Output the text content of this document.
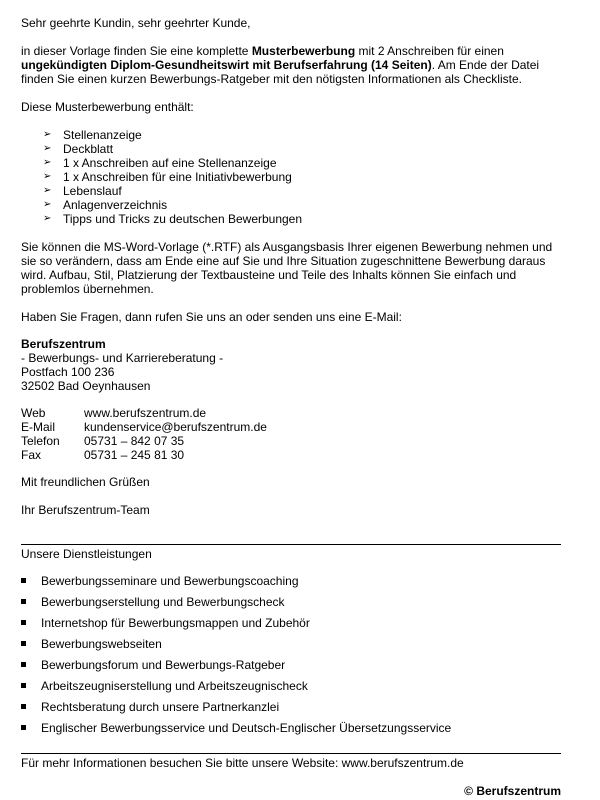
Sehr geehrte Kundin, sehr geehrter Kunde,

in dieser Vorlage finden Sie eine komplette Musterbewerbung mit 2 Anschreiben für einen ungekündigten Diplom-Gesundheitswirt mit Berufserfahrung (14 Seiten). Am Ende der Datei finden Sie einen kurzen Bewerbungs-Ratgeber mit den nötigsten Informationen als Checkliste.

Diese Musterbewerbung enthält:

➢ Stellenanzeige
➢ Deckblatt
➢ 1 x Anschreiben auf eine Stellenanzeige
➢ 1 x Anschreiben für eine Initiativbewerbung
➢ Lebenslauf
➢ Anlagenverzeichnis
➢ Tipps und Tricks zu deutschen Bewerbungen

Sie können die MS-Word-Vorlage (*.RTF) als Ausgangsbasis Ihrer eigenen Bewerbung nehmen und sie so verändern, dass am Ende eine auf Sie und Ihre Situation zugeschnittene Bewerbung daraus wird. Aufbau, Stil, Platzierung der Textbausteine und Teile des Inhalts können Sie einfach und problemlos übernehmen.

Haben Sie Fragen, dann rufen Sie uns an oder senden uns eine E-Mail:

Berufszentrum

- Bewerbungs- und Karriereberatung -

Postfach 100 236

32502 Bad Oeynhausen

Web	www.berufszentrum.de
E-Mail	kundenservice@berufszentrum.de
Telefon	05731 – 842 07 35
Fax	05731 – 245 81 30

Mit freundlichen Grüßen

Ihr Berufszentrum-Team

Unsere Dienstleistungen

Bewerbungsseminare und Bewerbungscoaching
Bewerbungserstellung und Bewerbungscheck
Internetshop für Bewerbungsmappen und Zubehör
Bewerbungswebseiten
Bewerbungsforum und Bewerbungs-Ratgeber
Arbeitszeugniserstellung und Arbeitszeugnischeck
Rechtsberatung durch unsere Partnerkanzlei
Englischer Bewerbungsservice und Deutsch-Englischer Übersetzungsservice

Für mehr Informationen besuchen Sie bitte unsere Website: www.berufszentrum.de

© Berufszentrum
